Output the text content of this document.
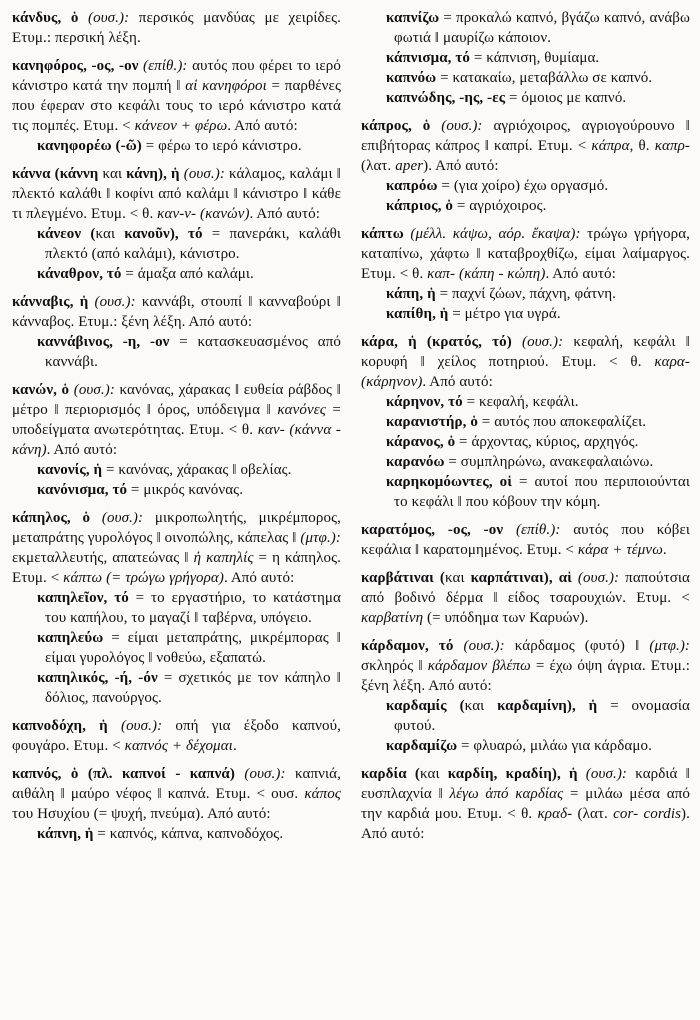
κάνδυς, ὁ (ουσ.): περσικός μανδύας με χειρίδες. Ετυμ.: περσική λέξη.

κανηφόρος, -ος, -ον (επίθ.): αυτός που φέρει το ιερό κάνιστρο κατά την πομπή ‖ αἱ κανηφόροι = παρθένες που έφεραν στο κεφάλι τους το ιερό κάνιστρο κατά τις πομπές. Ετυμ. < κάνεον + φέρω. Από αυτό:

κανηφορέω (-ῶ) = φέρω το ιερό κάνιστρο.

κάννα (κάννη και κάνη), ἡ (ουσ.): κάλαμος, καλάμι ‖ πλεκτό καλάθι ‖ κοφίνι από καλάμι ‖ κάνιστρο ‖ κάθε τι πλεγμένο. Ετυμ. < θ. καν-ν- (κανών). Από αυτό:

κάνεον (και κανοῦν), τό = πανεράκι, καλάθι πλεκτό (από καλάμι), κάνιστρο.

κάναθρον, τό = άμαξα από καλάμι.

κάνναβις, ἡ (ουσ.): καννάβι, στουπί ‖ κανναβούρι ‖ κάνναβος. Ετυμ.: ξένη λέξη. Από αυτό:

καννάβινος, -η, -ον = κατασκευασμένος από καννάβι.

κανών, ὁ (ουσ.): κανόνας, χάρακας ‖ ευθεία ράβδος ‖ μέτρο ‖ περιορισμός ‖ όρος, υπόδειγμα ‖ κανόνες = υποδείγματα ανωτερότητας. Ετυμ. < θ. καν- (κάννα - κάνη). Από αυτό:

κανονίς, ἡ = κανόνας, χάρακας ‖ οβελίας.

κανόνισμα, τό = μικρός κανόνας.

κάπηλος, ὁ (ουσ.): μικροπωλητής, μικρέμπορος, μεταπράτης γυρολόγος ‖ οινοπώλης, κάπελας ‖ (μτφ.): εκμεταλλευτής, απατεώνας ‖ ἡ καπηλίς = η κάπηλος. Ετυμ. < κάπτω (= τρώγω γρήγορα). Από αυτό:

καπηλεῖον, τό = το εργαστήριο, το κατάστημα του καπήλου, το μαγαζί ‖ ταβέρνα, υπόγειο.

καπηλεύω = είμαι μεταπράτης, μικρέμπορας ‖ είμαι γυρολόγος ‖ νοθεύω, εξαπατώ.

καπηλικός, -ή, -όν = σχετικός με τον κάπηλο ‖ δόλιος, πανούργος.

καπνοδόχη, ἡ (ουσ.): οπή για έξοδο καπνού, φουγάρο. Ετυμ. < καπνός + δέχομαι.

καπνός, ὁ (πλ. καπνοί - καπνά) (ουσ.): καπνιά, αιθάλη ‖ μαύρο νέφος ‖ καπνά. Ετυμ. < ουσ. κάπος του Ησυχίου (= ψυχή, πνεύμα). Από αυτό:

κάπνη, ἡ = καπνός, κάπνα, καπνοδόχος.

καπνίζω = προκαλώ καπνό, βγάζω καπνό, ανάβω φωτιά ‖ μαυρίζω κάποιον.

κάπνισμα, τό = κάπνιση, θυμίαμα.

καπνόω = κατακαίω, μεταβάλλω σε καπνό.

καπνώδης, -ης, -ες = όμοιος με καπνό.

κάπρος, ὁ (ουσ.): αγριόχοιρος, αγριογούρουνο ‖ επιβήτορας κάπρος ‖ καπρί. Ετυμ. < κάπρα, θ. καπρ- (λατ. aper). Από αυτό:

καπρόω = (για χοίρο) έχω οργασμό.

κάπριος, ὁ = αγριόχοιρος.

κάπτω (μέλλ. κάψω, αόρ. ἔκαψα): τρώγω γρήγορα, καταπίνω, χάφτω ‖ καταβροχθίζω, είμαι λαίμαργος. Ετυμ. < θ. καπ- (κάπη - κώπη). Από αυτό:

κάπη, ἡ = παχνί ζώων, πάχνη, φάτνη.

καπίθη, ἡ = μέτρο για υγρά.

κάρα, ἡ (κρατός, τό) (ουσ.): κεφαλή, κεφάλι ‖ κορυφή ‖ χείλος ποτηριού. Ετυμ. < θ. καρα- (κάρηνον). Από αυτό:

κάρηνον, τό = κεφαλή, κεφάλι.

καρανιστήρ, ὁ = αυτός που αποκεφαλίζει.

κάρανος, ὁ = άρχοντας, κύριος, αρχηγός.

καρανόω = συμπληρώνω, ανακεφαλαιώνω.

καρηκομόωντες, οἱ = αυτοί που περιποιούνται το κεφάλι ‖ που κόβουν την κόμη.

καρατόμος, -ος, -ον (επίθ.): αυτός που κόβει κεφάλια ‖ καρατομημένος. Ετυμ. < κάρα + τέμνω.

καρβάτιναι (και καρπάτιναι), αἱ (ουσ.): παπούτσια από βοδινό δέρμα ‖ είδος τσαρουχιών. Ετυμ. < καρβατίνη (= υπόδημα των Καρυών).

κάρδαμον, τό (ουσ.): κάρδαμος (φυτό) ‖ (μτφ.): σκληρός ‖ κάρδαμον βλέπω = έχω όψη άγρια. Ετυμ.: ξένη λέξη. Από αυτό:

καρδαμίς (και καρδαμίνη), ἡ = ονομασία φυτού.

καρδαμίζω = φλυαρώ, μιλάω για κάρδαμο.

καρδία (και καρδίη, κραδίη), ἡ (ουσ.): καρδιά ‖ ευσπλαχνία ‖ λέγω ἀπό καρδίας = μιλάω μέσα από την καρδιά μου. Ετυμ. < θ. κραδ- (λατ. cor- cordis). Από αυτό:
